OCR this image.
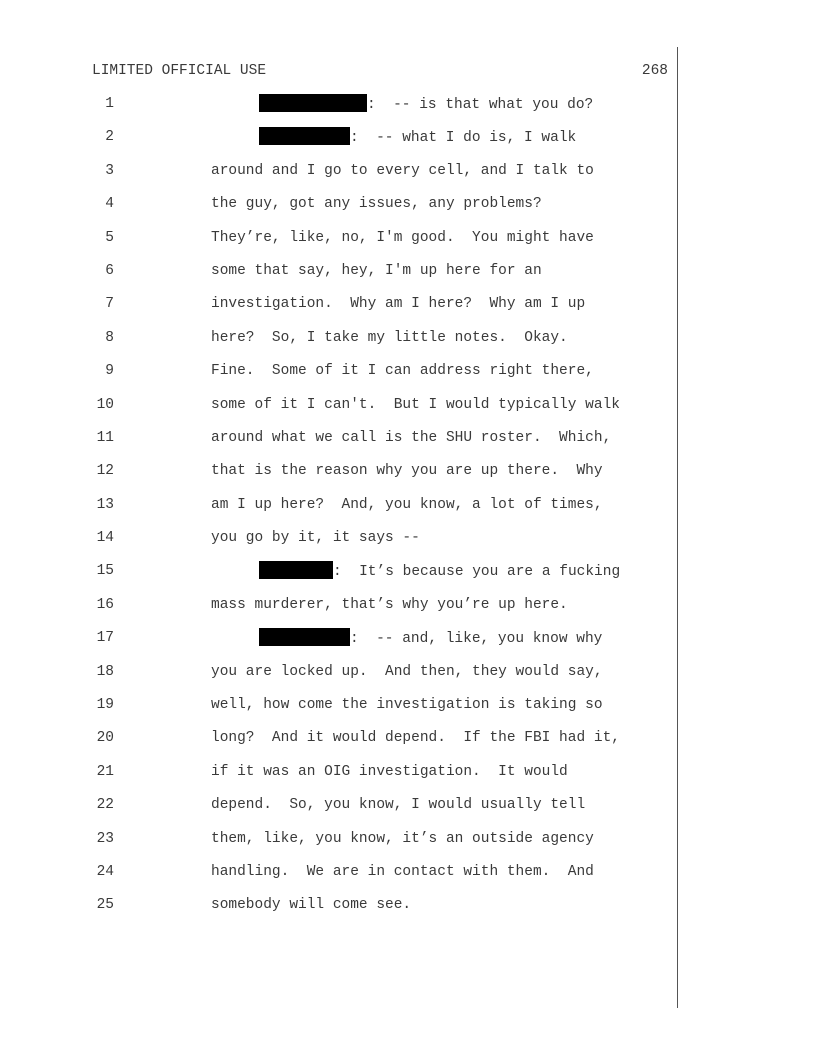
LIMITED OFFICIAL USE	268
1	:  -- is that what you do?
2	:  -- what I do is, I walk
3	around and I go to every cell, and I talk to
4	the guy, got any issues, any problems?
5	They’re, like, no, I'm good.  You might have
6	some that say, hey, I'm up here for an
7	investigation.  Why am I here?  Why am I up
8	here?  So, I take my little notes.  Okay.
9	Fine.  Some of it I can address right there,
10	some of it I can't.  But I would typically walk
11	around what we call is the SHU roster.  Which,
12	that is the reason why you are up there.  Why
13	am I up here?  And, you know, a lot of times,
14	you go by it, it says --
15	:  It’s because you are a fucking
16	mass murderer, that’s why you’re up here.
17	:  -- and, like, you know why
18	you are locked up.  And then, they would say,
19	well, how come the investigation is taking so
20	long?  And it would depend.  If the FBI had it,
21	if it was an OIG investigation.  It would
22	depend.  So, you know, I would usually tell
23	them, like, you know, it’s an outside agency
24	handling.  We are in contact with them.  And
25	somebody will come see.
